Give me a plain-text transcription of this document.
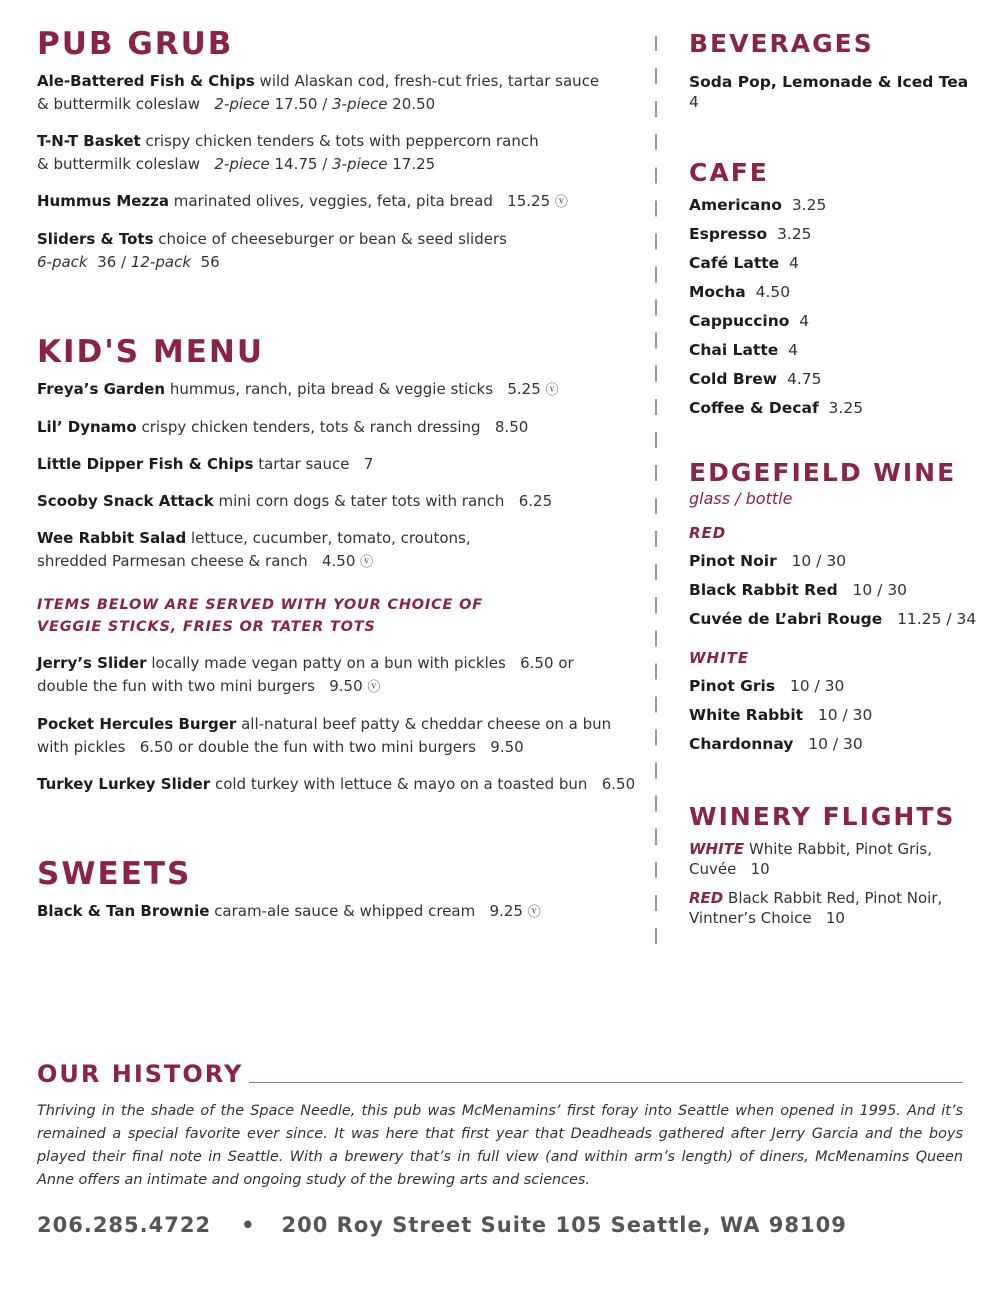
PUB GRUB

Ale-Battered Fish & Chips wild Alaskan cod, fresh-cut fries, tartar sauce
& buttermilk coleslaw 2-piece 17.50 / 3-piece 20.50

T-N-T Basket crispy chicken tenders & tots with peppercorn ranch
& buttermilk coleslaw 2-piece 14.75 / 3-piece 17.25

Hummus Mezza marinated olives, veggies, feta, pita bread 15.25 ⓥ

Sliders & Tots choice of cheeseburger or bean & seed sliders
6-pack 36 / 12-pack 56

KID'S MENU

Freya’s Garden hummus, ranch, pita bread & veggie sticks 5.25 ⓥ

Lil’ Dynamo crispy chicken tenders, tots & ranch dressing 8.50

Little Dipper Fish & Chips tartar sauce 7

Scooby Snack Attack mini corn dogs & tater tots with ranch 6.25

Wee Rabbit Salad lettuce, cucumber, tomato, croutons,
shredded Parmesan cheese & ranch 4.50 ⓥ

ITEMS BELOW ARE SERVED WITH YOUR CHOICE OF
VEGGIE STICKS, FRIES OR TATER TOTS

Jerry’s Slider locally made vegan patty on a bun with pickles 6.50 or
double the fun with two mini burgers 9.50 ⓥ

Pocket Hercules Burger all-natural beef patty & cheddar cheese on a bun
with pickles 6.50 or double the fun with two mini burgers 9.50

Turkey Lurkey Slider cold turkey with lettuce & mayo on a toasted bun 6.50

SWEETS

Black & Tan Brownie caram-ale sauce & whipped cream 9.25 ⓥ

BEVERAGES
Soda Pop, Lemonade & Iced Tea  4
CAFE
Americano 3.25
Espresso 3.25
Café Latte 4
Mocha 4.50
Cappuccino 4
Chai Latte 4
Cold Brew 4.75
Coffee & Decaf 3.25
EDGEFIELD WINE
glass / bottle
RED
Pinot Noir 10 / 30
Black Rabbit Red 10 / 30
Cuvée de L’abri Rouge 11.25 / 34
WHITE
Pinot Gris 10 / 30
White Rabbit 10 / 30
Chardonnay 10 / 30
WINERY FLIGHTS
WHITE White Rabbit, Pinot Gris,
Cuvée 10
RED Black Rabbit Red, Pinot Noir,
Vintner’s Choice 10
OUR HISTORY
Thriving in the shade of the Space Needle, this pub was McMenamins’ first foray into Seattle when opened in 1995. And it’s remained a special favorite ever since. It was here that first year that Deadheads gathered after Jerry Garcia and the boys played their final note in Seattle. With a brewery that’s in full view (and within arm’s length) of diners, McMenamins Queen Anne offers an intimate and ongoing study of the brewing arts and sciences.
206.285.4722 • 200 Roy Street Suite 105 Seattle, WA 98109
